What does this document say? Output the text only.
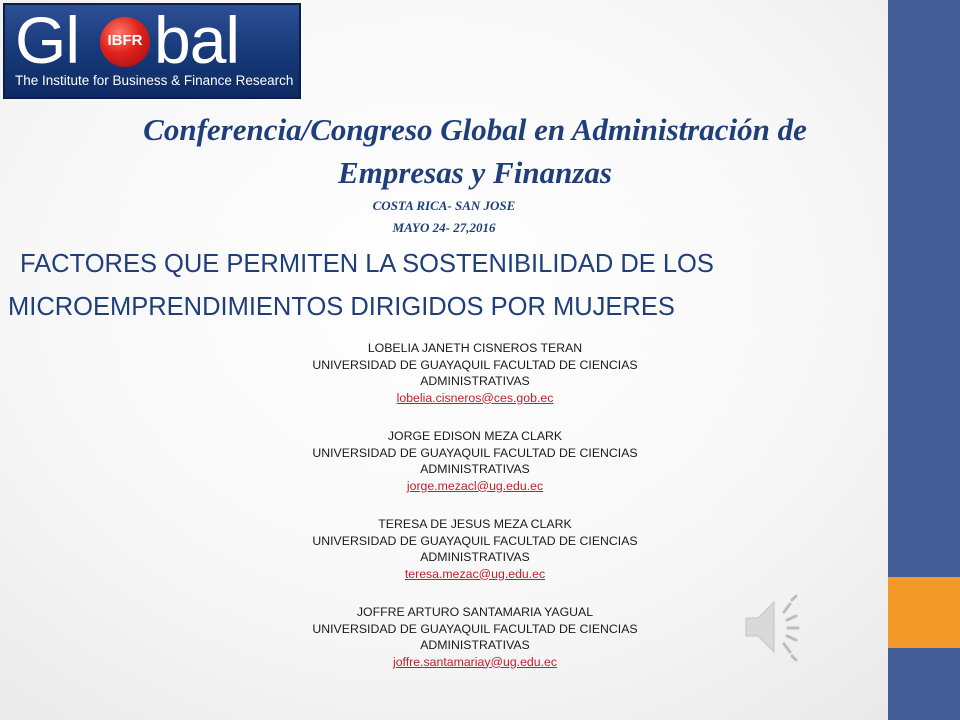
Gl	IBFR bal
The Institute for Business & Finance Research
Conferencia/Congreso Global en Administración de
Empresas y Finanzas
COSTA RICA- SAN JOSE
MAYO 24- 27,2016
FACTORES QUE PERMITEN LA SOSTENIBILIDAD DE LOS
MICROEMPRENDIMIENTOS DIRIGIDOS POR MUJERES
LOBELIA JANETH CISNEROS TERAN
UNIVERSIDAD DE GUAYAQUIL FACULTAD DE CIENCIAS
ADMINISTRATIVAS
lobelia.cisneros@ces.gob.ec
JORGE EDISON MEZA CLARK
UNIVERSIDAD DE GUAYAQUIL FACULTAD DE CIENCIAS
ADMINISTRATIVAS
jorge.mezacl@ug.edu.ec
TERESA DE JESUS MEZA CLARK
UNIVERSIDAD DE GUAYAQUIL FACULTAD DE CIENCIAS
ADMINISTRATIVAS
teresa.mezac@ug.edu.ec
JOFFRE ARTURO SANTAMARIA YAGUAL
UNIVERSIDAD DE GUAYAQUIL FACULTAD DE CIENCIAS
ADMINISTRATIVAS
joffre.santamariay@ug.edu.ec
